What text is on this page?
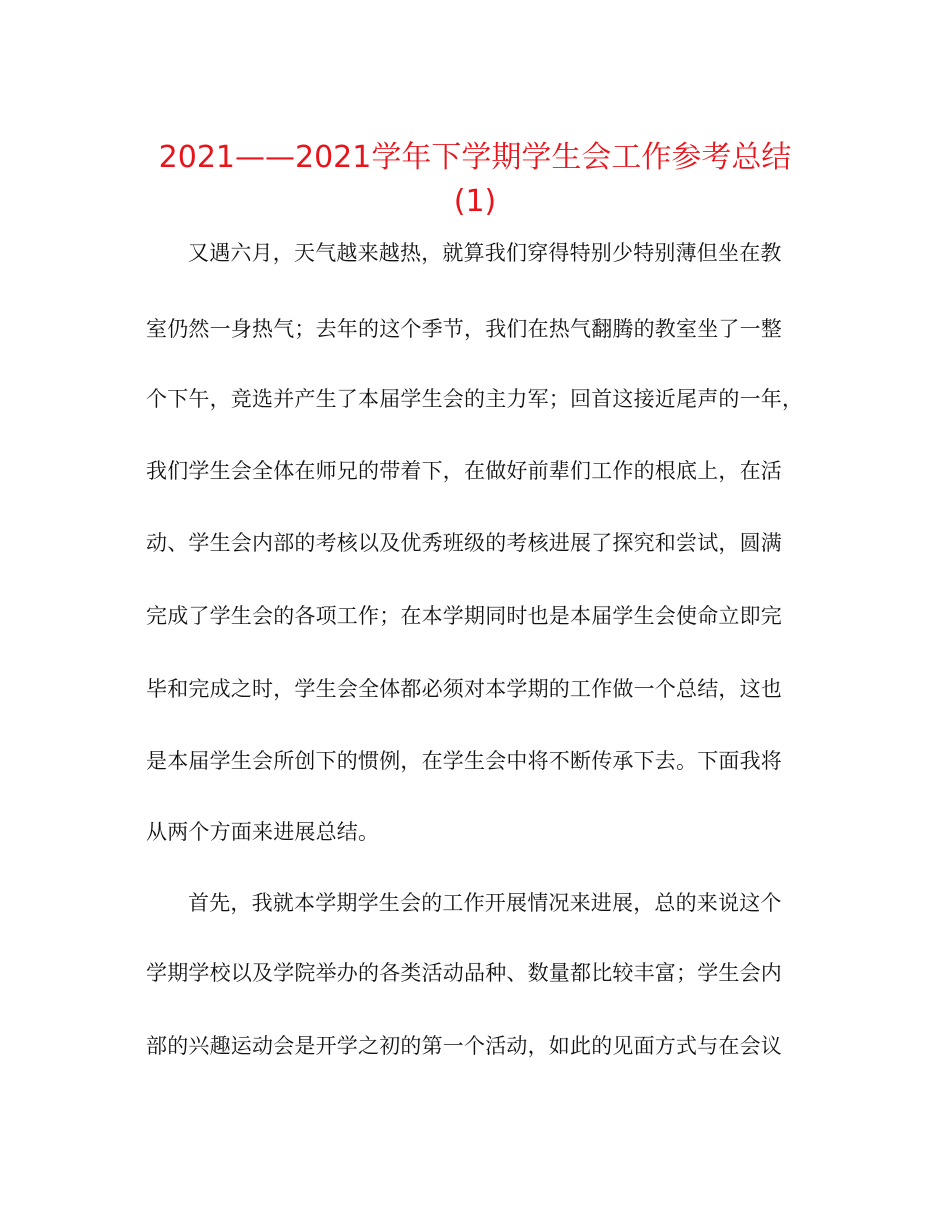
2021——2021学年下学期学生会工作参考总结
(1)

又遇六月，天气越来越热，就算我们穿得特别少特别薄但坐在教

室仍然一身热气；去年的这个季节，我们在热气翻腾的教室坐了一整

个下午，竞选并产生了本届学生会的主力军；回首这接近尾声的一年，

我们学生会全体在师兄的带着下，在做好前辈们工作的根底上，在活

动、学生会内部的考核以及优秀班级的考核进展了探究和尝试，圆满

完成了学生会的各项工作；在本学期同时也是本届学生会使命立即完

毕和完成之时，学生会全体都必须对本学期的工作做一个总结，这也

是本届学生会所创下的惯例，在学生会中将不断传承下去。下面我将

从两个方面来进展总结。

首先，我就本学期学生会的工作开展情况来进展，总的来说这个

学期学校以及学院举办的各类活动品种、数量都比较丰富；学生会内

部的兴趣运动会是开学之初的第一个活动，如此的见面方式与在会议
